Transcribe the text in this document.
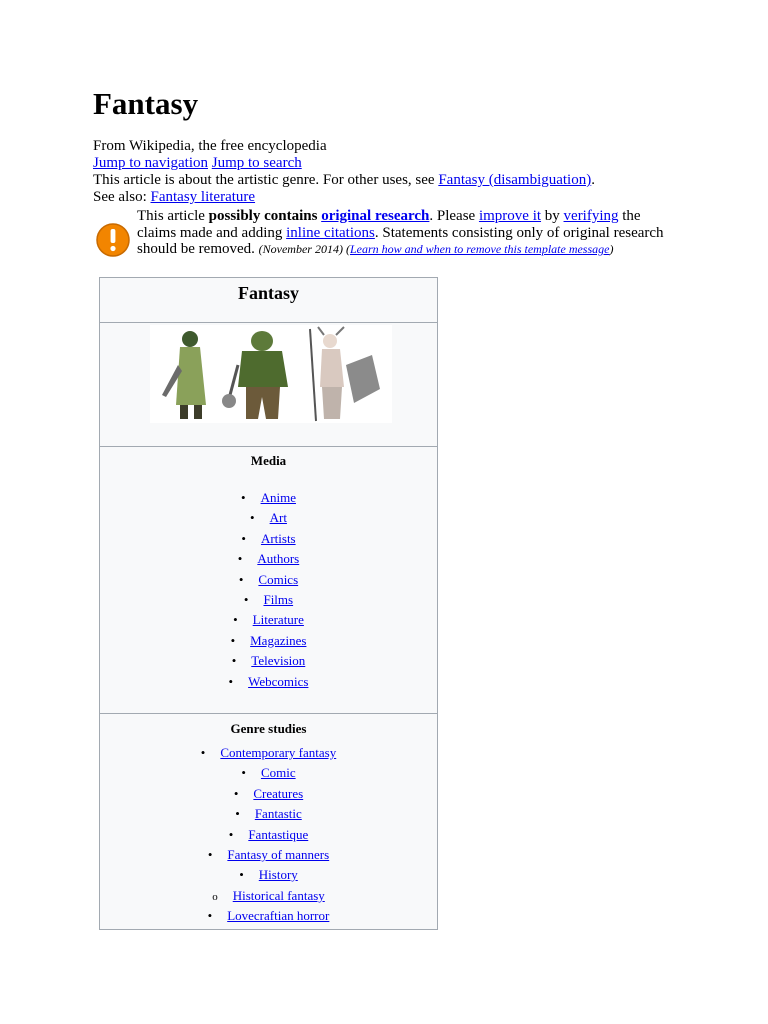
Fantasy
From Wikipedia, the free encyclopedia
Jump to navigation Jump to search
This article is about the artistic genre. For other uses, see Fantasy (disambiguation).
See also: Fantasy literature
This article possibly contains original research. Please improve it by verifying the claims made and adding inline citations. Statements consisting only of original research should be removed. (November 2014) (Learn how and when to remove this template message)
Fantasy
Media
• Anime
• Art
• Artists
• Authors
• Comics
• Films
• Literature
• Magazines
• Television
• Webcomics
Genre studies
• Contemporary fantasy
• Comic
• Creatures
• Fantastic
• Fantastique
• Fantasy of manners
• History
o Historical fantasy
• Lovecraftian horror
